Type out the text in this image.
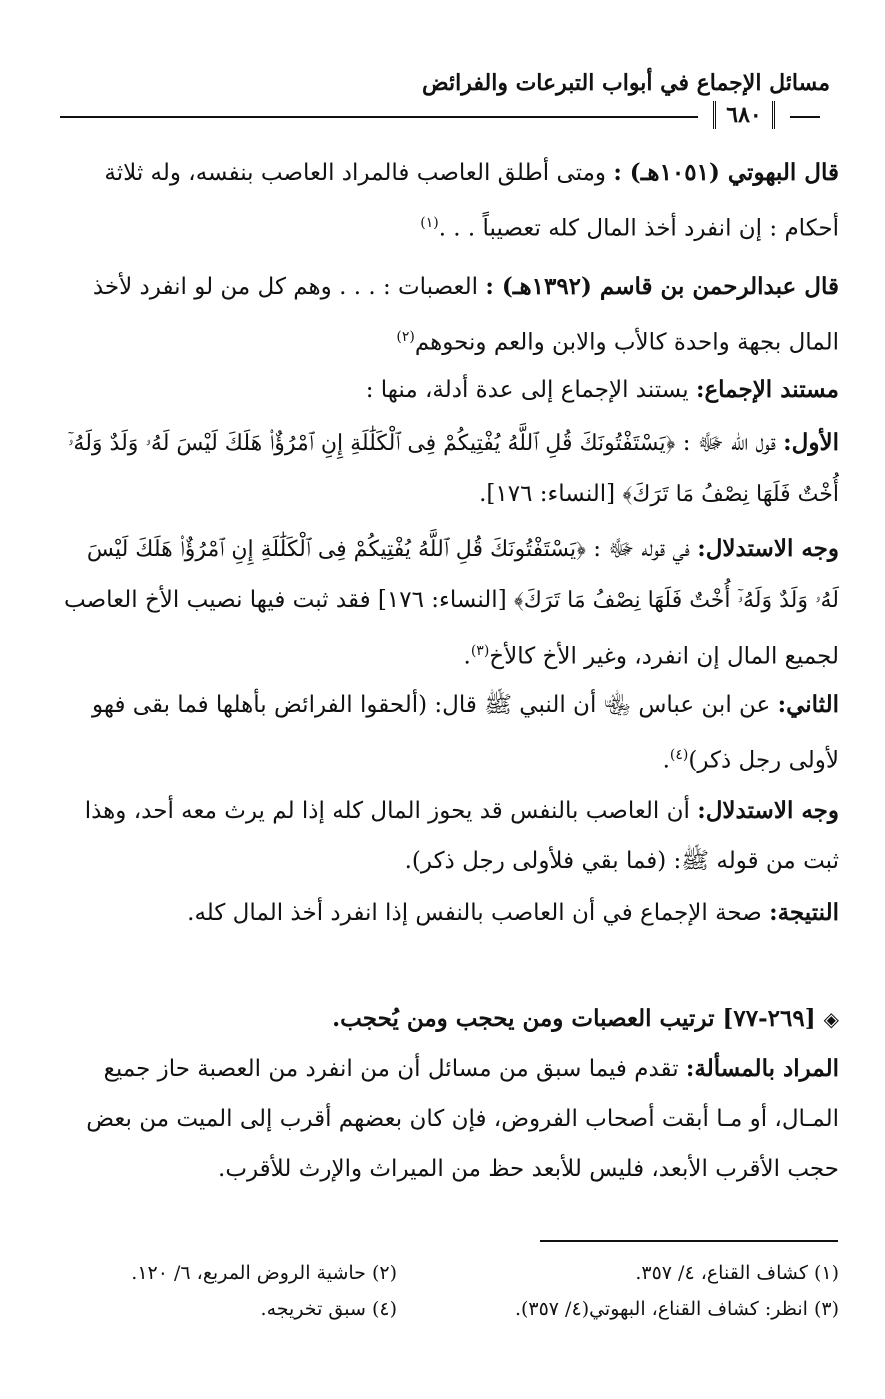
مسائل الإجماع في أبواب التبرعات والفرائض
٦٨٠
قال البهوتي (١٠٥١هـ) : ومتى أطلق العاصب فالمراد العاصب بنفسه، وله ثلاثة أحكام : إن انفرد أخذ المال كله تعصيباً . . .$^{(١)}$
قال عبدالرحمن بن قاسم (١٣٩٢هـ) : العصبات : . . . وهم كل من لو انفرد لأخذ المال بجهة واحدة كالأب والابن والعم ونحوهم$^{(٢)}$
مستند الإجماع: يستند الإجماع إلى عدة أدلة، منها :
الأول: قول الله ﷻ : ﴿يَسْتَفْتُونَكَ قُلِ ٱللَّهُ يُفْتِيكُمْ فِى ٱلْكَلَٰلَةِ إِنِ ٱمْرُؤٌا۟ هَلَكَ لَيْسَ لَهُۥ وَلَدٌ وَلَهُۥٓ أُخْتٌ فَلَهَا نِصْفُ مَا تَرَكَ﴾ [النساء: ١٧٦].
وجه الاستدلال: في قوله ﷻ : ﴿يَسْتَفْتُونَكَ قُلِ ٱللَّهُ يُفْتِيكُمْ فِى ٱلْكَلَٰلَةِ إِنِ ٱمْرُؤٌا۟ هَلَكَ لَيْسَ لَهُۥ وَلَدٌ وَلَهُۥٓ أُخْتٌ فَلَهَا نِصْفُ مَا تَرَكَ﴾ [النساء: ١٧٦] فقد ثبت فيها نصيب الأخ العاصب لجميع المال إن انفرد، وغير الأخ كالأخ$^{(٣)}$.
الثاني: عن ابن عباس ﵄ أن النبي ﷺ قال: (ألحقوا الفرائض بأهلها فما بقى فهو لأولى رجل ذكر)$^{(٤)}$.
وجه الاستدلال: أن العاصب بالنفس قد يحوز المال كله إذا لم يرث معه أحد، وهذا ثبت من قوله ﷺ: (فما بقي فلأولى رجل ذكر).
النتيجة: صحة الإجماع في أن العاصب بالنفس إذا انفرد أخذ المال كله.
◈[٢٦٩-٧٧] ترتيب العصبات ومن يحجب ومن يُحجب.
المراد بالمسألة: تقدم فيما سبق من مسائل أن من انفرد من العصبة حاز جميع المـال، أو مـا أبقت أصحاب الفروض، فإن كان بعضهم أقرب إلى الميت من بعض حجب الأقرب الأبعد، فليس للأبعد حظ من الميراث والإرث للأقرب.
(١) كشاف القناع، ٤/ ٣٥٧.
(٢) حاشية الروض المربع، ٦/ ١٢٠.
(٣) انظر: كشاف القناع، البهوتي(٤/ ٣٥٧).
(٤) سبق تخريجه.
